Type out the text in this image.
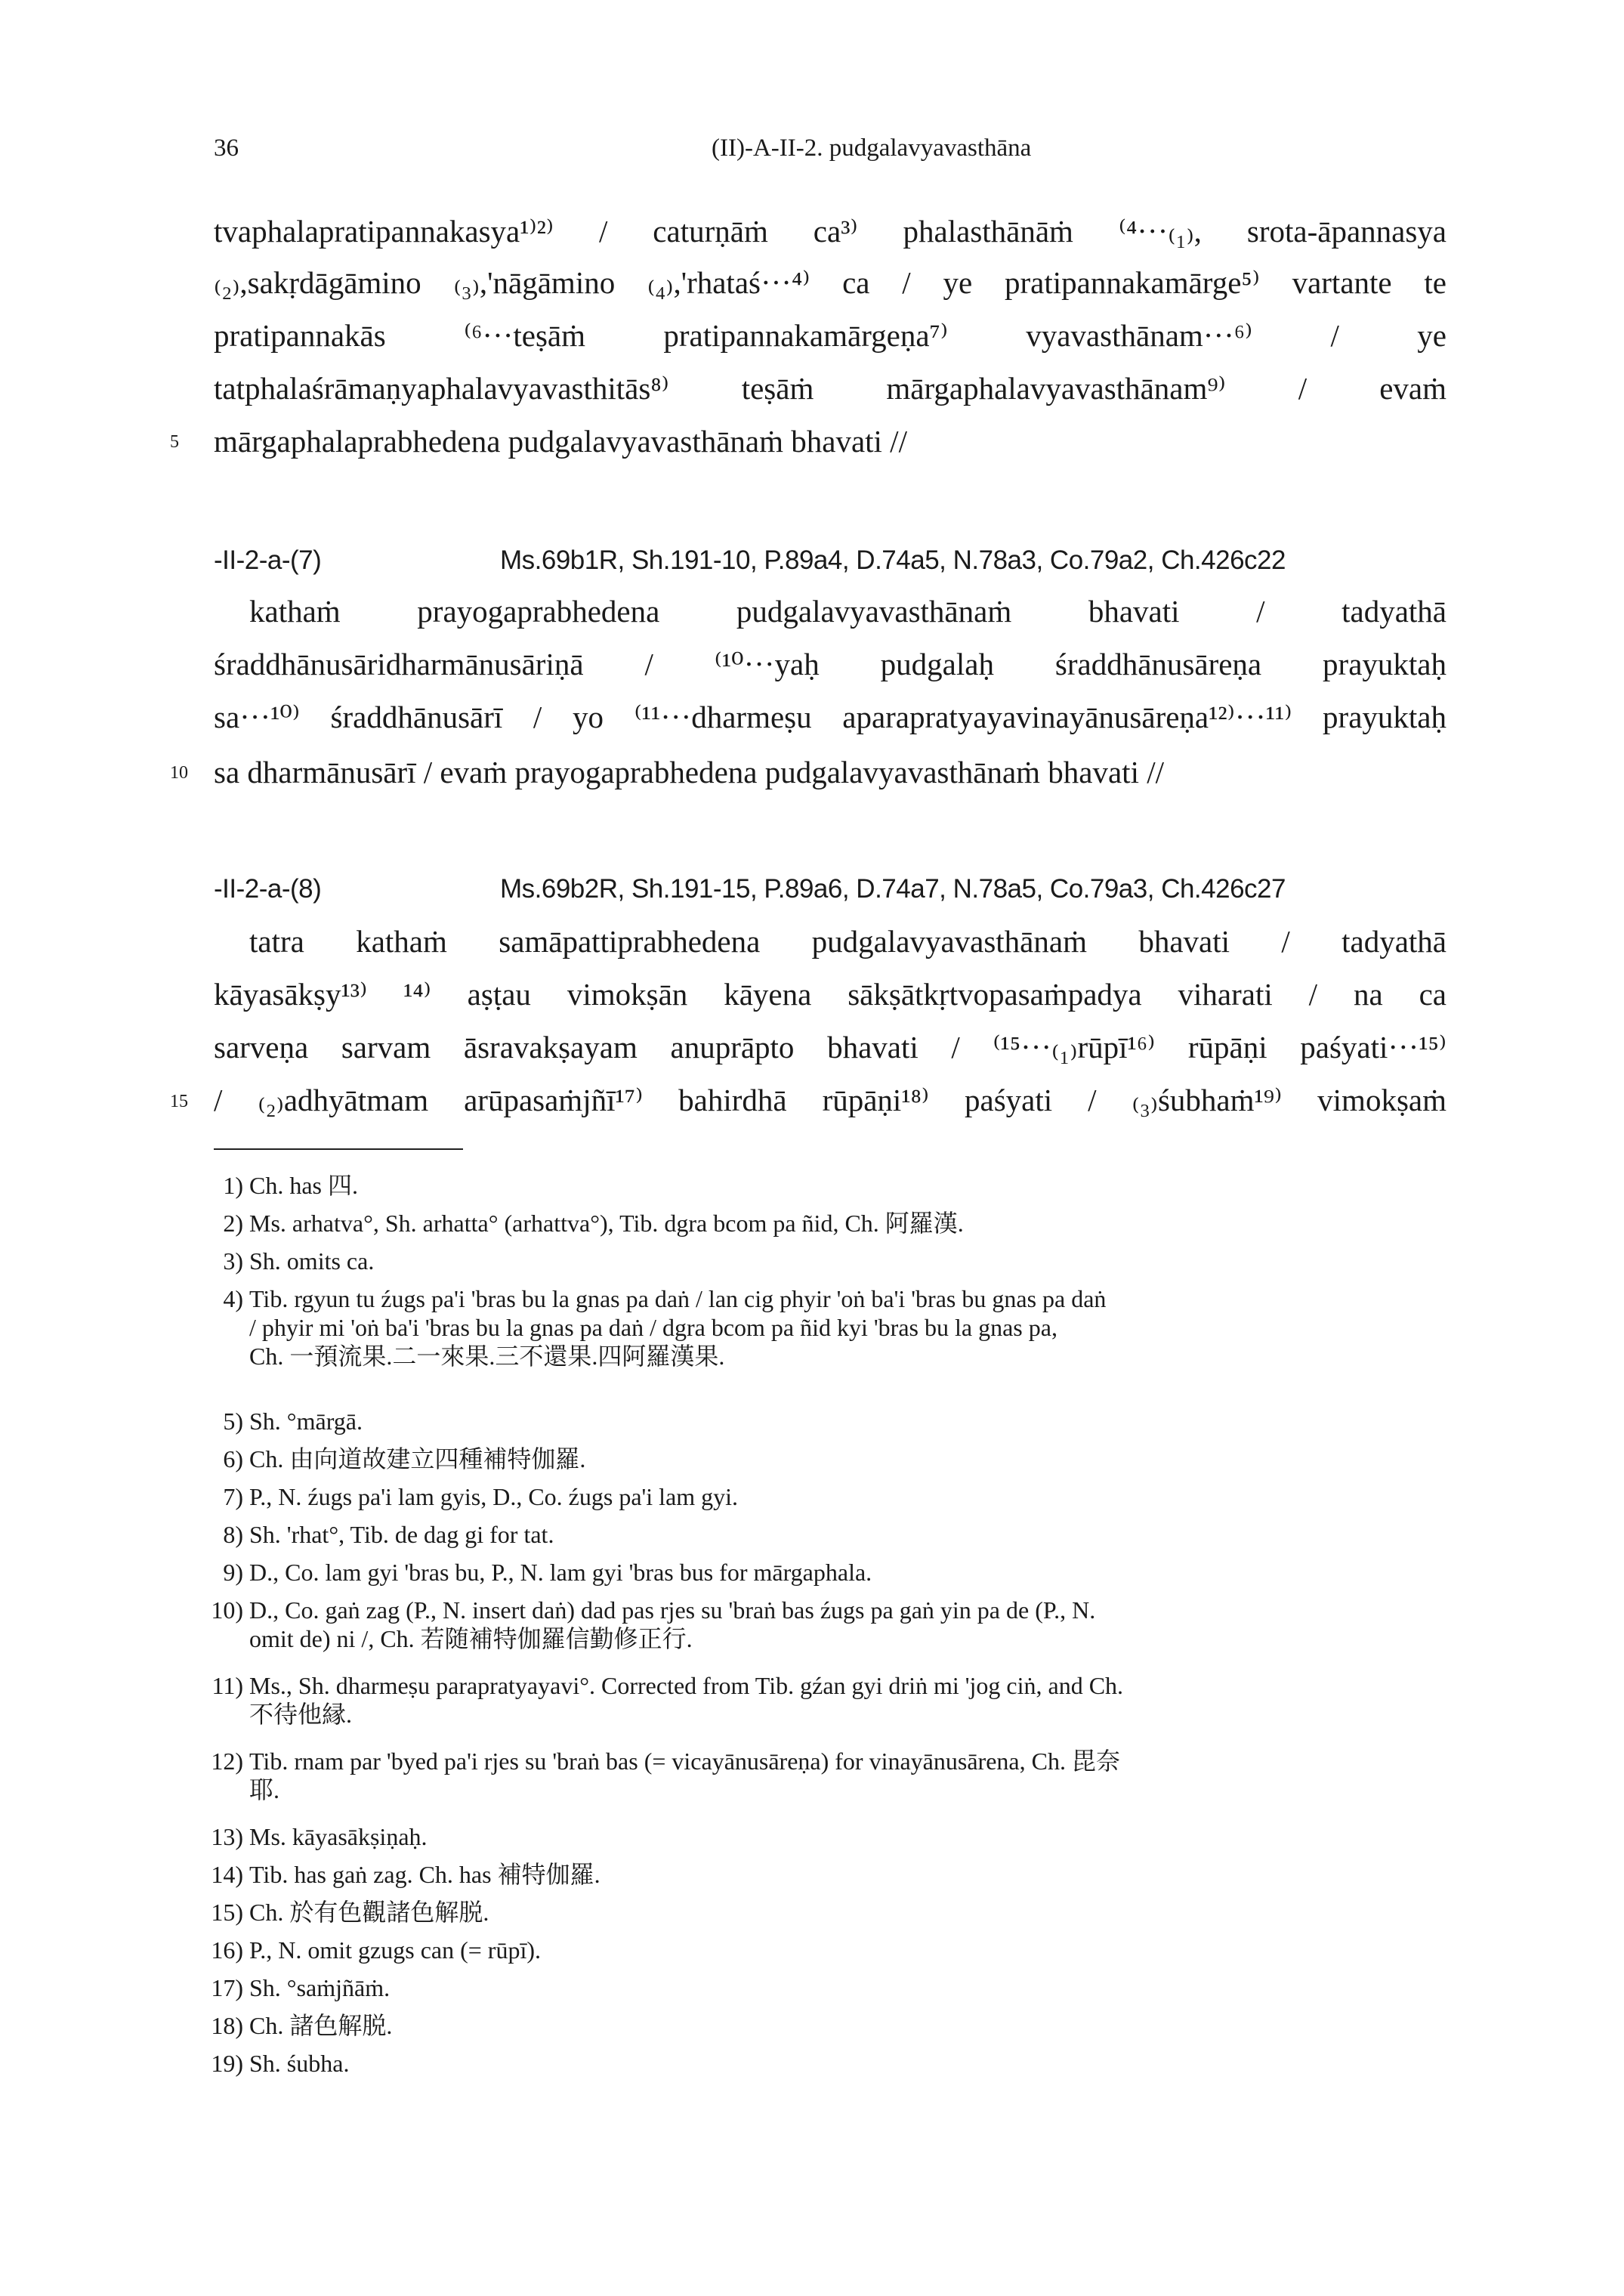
36	(II)-A-II-2. pudgalavyavasthāna
tvaphalapratipannakasya¹⁾²⁾ / caturṇāṁ ca³⁾ phalasthānāṁ ⁽⁴···₍₁₎, srota-āpannasya
₍₂₎,sakṛdāgāmino ₍₃₎,'nāgāmino ₍₄₎,'rhataś···⁴⁾ ca / ye pratipannakamārge⁵⁾ vartante te
pratipannakās ⁽⁶···teṣāṁ pratipannakamārgeṇa⁷⁾ vyavasthānam···⁶⁾ / ye
tatphalaśrāmaṇyaphalavyavasthitās⁸⁾ teṣāṁ mārgaphalavyavasthānam⁹⁾ / evaṁ
5 mārgaphalaprabhedena pudgalavyavasthānaṁ bhavati //
-II-2-a-(7)	Ms.69b1R, Sh.191-10, P.89a4, D.74a5, N.78a3, Co.79a2, Ch.426c22
kathaṁ prayogaprabhedena pudgalavyavasthānaṁ bhavati / tadyathā
śraddhānusāridharmānusāriṇā / ⁽¹⁰···yaḥ pudgalaḥ śraddhānusāreṇa prayuktaḥ
sa···¹⁰⁾ śraddhānusārī / yo ⁽¹¹···dharmeṣu aparapratyayavinayānusāreṇa¹²⁾···¹¹⁾ prayuktaḥ
10 sa dharmānusārī / evaṁ prayogaprabhedena pudgalavyavasthānaṁ bhavati //
-II-2-a-(8)	Ms.69b2R, Sh.191-15, P.89a6, D.74a7, N.78a5, Co.79a3, Ch.426c27
tatra kathaṁ samāpattiprabhedena pudgalavyavasthānaṁ bhavati / tadyathā
kāyasākṣy¹³⁾ ¹⁴⁾ aṣṭau vimokṣān kāyena sākṣātkṛtvopasaṁpadya viharati / na ca
sarveṇa sarvam āsravakṣayam anuprāpto bhavati / ⁽¹⁵···₍₁₎rūpī¹⁶⁾ rūpāṇi paśyati···¹⁵⁾
15 / ₍₂₎adhyātmam arūpasaṁjñī¹⁷⁾ bahirdhā rūpāṇi¹⁸⁾ paśyati / ₍₃₎śubhaṁ¹⁹⁾ vimokṣaṁ
1) Ch. has 四.
2) Ms. arhatva°, Sh. arhatta° (arhattva°), Tib. dgra bcom pa ñid, Ch. 阿羅漢.
3) Sh. omits ca.
4) Tib. rgyun tu źugs pa'i 'bras bu la gnas pa daṅ / lan cig phyir 'oṅ ba'i 'bras bu gnas pa daṅ
/ phyir mi 'oṅ ba'i 'bras bu la gnas pa daṅ / dgra bcom pa ñid kyi 'bras bu la gnas pa,
Ch. 一預流果.二一來果.三不還果.四阿羅漢果.
5) Sh. °mārgā.
6) Ch. 由向道故建立四種補特伽羅.
7) P., N. źugs pa'i lam gyis, D., Co. źugs pa'i lam gyi.
8) Sh. 'rhat°, Tib. de dag gi for tat.
9) D., Co. lam gyi 'bras bu, P., N. lam gyi 'bras bus for mārgaphala.
10) D., Co. gaṅ zag (P., N. insert daṅ) dad pas rjes su 'braṅ bas źugs pa gaṅ yin pa de (P., N.
omit de) ni /, Ch. 若随補特伽羅信勤修正行.
11) Ms., Sh. dharmeṣu parapratyayavi°. Corrected from Tib. gźan gyi driṅ mi 'jog ciṅ, and Ch.
不待他縁.
12) Tib. rnam par 'byed pa'i rjes su 'braṅ bas (= vicayānusāreṇa) for vinayānusārena, Ch. 毘奈
耶.
13) Ms. kāyasākṣiṇaḥ.
14) Tib. has gaṅ zag. Ch. has 補特伽羅.
15) Ch. 於有色觀諸色解脱.
16) P., N. omit gzugs can (= rūpī).
17) Sh. °saṁjñāṁ.
18) Ch. 諸色解脱.
19) Sh. śubha.
